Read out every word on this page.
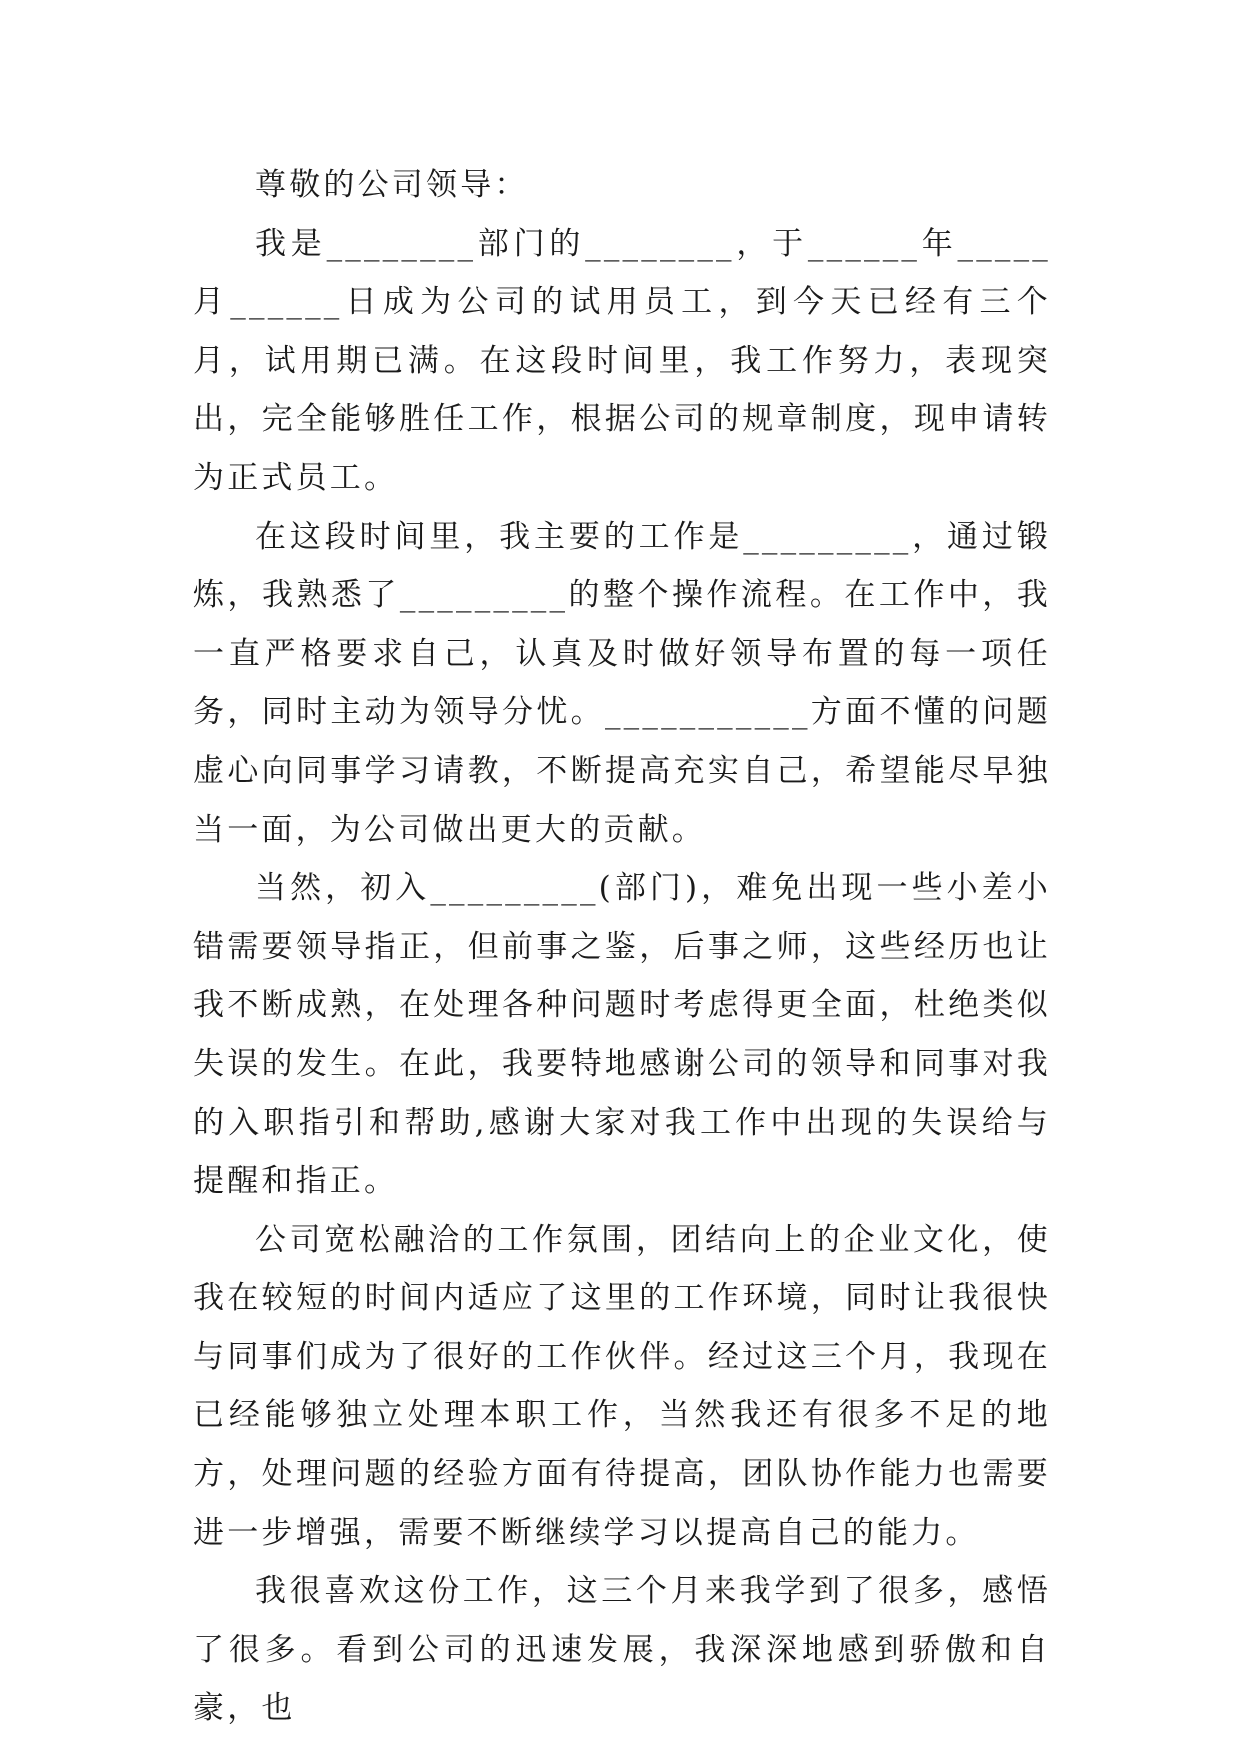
尊敬的公司领导：

我是________部门的________，于______年_____月______日成为公司的试用员工，到今天已经有三个月，试用期已满。在这段时间里，我工作努力，表现突出，完全能够胜任工作，根据公司的规章制度，现申请转为正式员工。

在这段时间里，我主要的工作是_________，通过锻炼，我熟悉了_________的整个操作流程。在工作中，我一直严格要求自己，认真及时做好领导布置的每一项任务，同时主动为领导分忧。___________方面不懂的问题虚心向同事学习请教，不断提高充实自己，希望能尽早独当一面，为公司做出更大的贡献。

当然，初入_________(部门)，难免出现一些小差小错需要领导指正，但前事之鉴，后事之师，这些经历也让我不断成熟，在处理各种问题时考虑得更全面，杜绝类似失误的发生。在此，我要特地感谢公司的领导和同事对我的入职指引和帮助,感谢大家对我工作中出现的失误给与提醒和指正。

公司宽松融洽的工作氛围，团结向上的企业文化，使我在较短的时间内适应了这里的工作环境，同时让我很快与同事们成为了很好的工作伙伴。经过这三个月，我现在已经能够独立处理本职工作，当然我还有很多不足的地方，处理问题的经验方面有待提高，团队协作能力也需要进一步增强，需要不断继续学习以提高自己的能力。

我很喜欢这份工作，这三个月来我学到了很多，感悟了很多。看到公司的迅速发展，我深深地感到骄傲和自豪，也
